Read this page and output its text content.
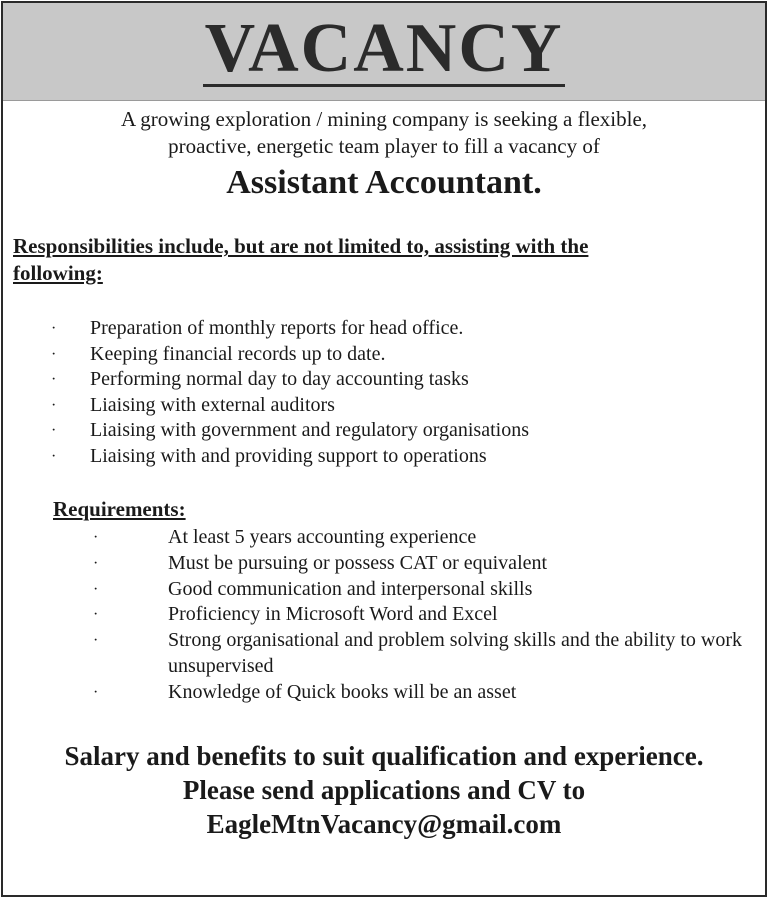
VACANCY
A growing exploration / mining company is seeking a flexible,
proactive, energetic team player to fill a vacancy of
Assistant Accountant.
Responsibilities include, but are not limited to, assisting with the
following:
· Preparation of monthly reports for head office.
· Keeping financial records up to date.
· Performing normal day to day accounting tasks
· Liaising with external auditors
· Liaising with government and regulatory organisations
· Liaising with and providing support to operations
Requirements:
·	At least 5 years accounting experience
·	Must be pursuing or possess CAT or equivalent
·	Good communication and interpersonal skills
·	Proficiency in Microsoft Word and Excel
·	Strong organisational and problem solving skills and the ability to work unsupervised
·	Knowledge of Quick books will be an asset
Salary and benefits to suit qualification and experience.
Please send applications and CV to
EagleMtnVacancy@gmail.com
